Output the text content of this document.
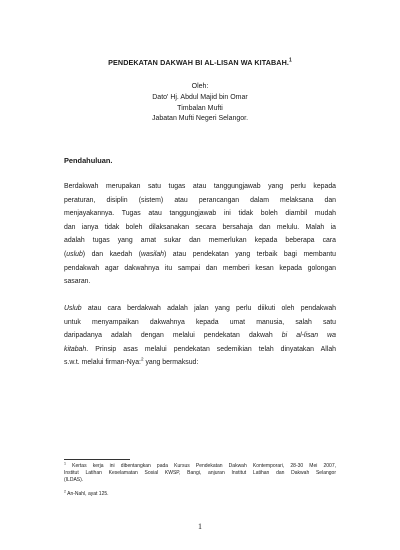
PENDEKATAN DAKWAH BI AL-LISAN WA KITABAH.$^1$
Oleh:
Dato' Hj. Abdul Majid bin Omar
Timbalan Mufti
Jabatan Mufti Negeri Selangor.
Pendahuluan.
Berdakwah merupakan satu tugas atau tanggungjawab yang perlu kepada
peraturan, disiplin (sistem) atau perancangan dalam melaksana dan
menjayakannya. Tugas atau tanggungjawab ini tidak boleh diambil mudah
dan ianya tidak boleh dilaksanakan secara bersahaja dan melulu. Malah ia
adalah tugas yang amat sukar dan memerlukan kepada beberapa cara
(uslub) dan kaedah (wasilah) atau pendekatan yang terbaik bagi membantu
pendakwah agar dakwahnya itu sampai dan memberi kesan kepada golongan
sasaran.
Uslub atau cara berdakwah adalah jalan yang perlu diikuti oleh pendakwah
untuk menyampaikan dakwahnya kepada umat manusia, salah satu
daripadanya adalah dengan melalui pendekatan dakwah bi al-lisan wa
kitabah. Prinsip asas melalui pendekatan sedemikian telah dinyatakan Allah
s.w.t. melalui firman-Nya:$^2$ yang bermaksud:
$^1$ Kertas kerja ini dibentangkan pada Kursus Pendekatan Dakwah Kontemporari, 28-30 Mei 2007,
Institut Latihan Keselamatan Sosial KWSP, Bangi, anjuran Institut Latihan dan Dakwah Selangor
(ILDAS).
$^2$ An-Nahl, ayat 125.
1
